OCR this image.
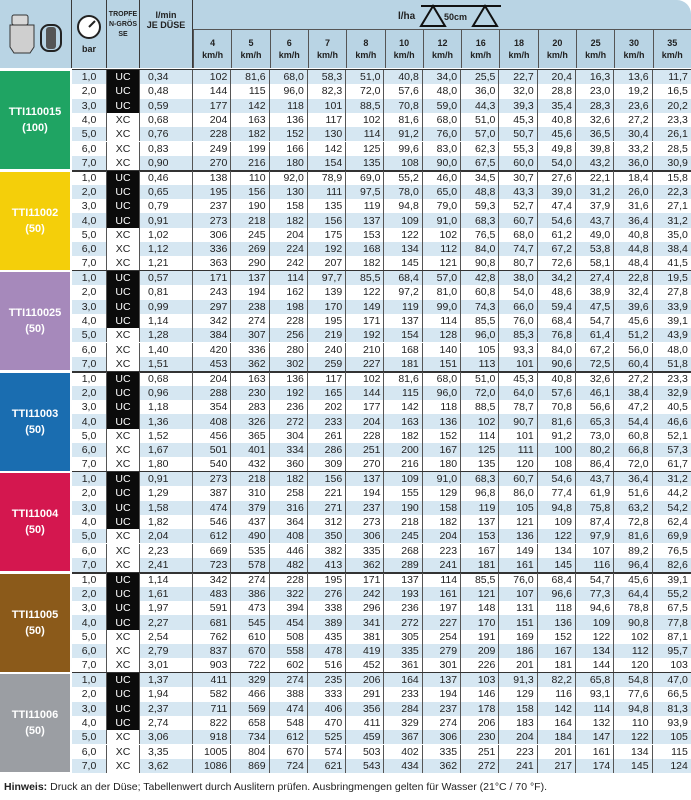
bar
TROPFEN-GRÖSSE
l/min
JE DÜSE
l/ha	50cm
4
km/h
5
km/h
6
km/h
7
km/h
8
km/h
10
km/h
12
km/h
16
km/h
18
km/h
20
km/h
25
km/h
30
km/h
35
km/h
TTI110015
(100)
1,0	UC	0,34	102	81,6	68,0	58,3	51,0	40,8	34,0	25,5	22,7	20,4	16,3	13,6	11,7
2,0	UC	0,48	144	115	96,0	82,3	72,0	57,6	48,0	36,0	32,0	28,8	23,0	19,2	16,5
3,0	UC	0,59	177	142	118	101	88,5	70,8	59,0	44,3	39,3	35,4	28,3	23,6	20,2
4,0	XC	0,68	204	163	136	117	102	81,6	68,0	51,0	45,3	40,8	32,6	27,2	23,3
5,0	XC	0,76	228	182	152	130	114	91,2	76,0	57,0	50,7	45,6	36,5	30,4	26,1
6,0	XC	0,83	249	199	166	142	125	99,6	83,0	62,3	55,3	49,8	39,8	33,2	28,5
7,0	XC	0,90	270	216	180	154	135	108	90,0	67,5	60,0	54,0	43,2	36,0	30,9
TTI11002
(50)
1,0	UC	0,46	138	110	92,0	78,9	69,0	55,2	46,0	34,5	30,7	27,6	22,1	18,4	15,8
2,0	UC	0,65	195	156	130	111	97,5	78,0	65,0	48,8	43,3	39,0	31,2	26,0	22,3
3,0	UC	0,79	237	190	158	135	119	94,8	79,0	59,3	52,7	47,4	37,9	31,6	27,1
4,0	UC	0,91	273	218	182	156	137	109	91,0	68,3	60,7	54,6	43,7	36,4	31,2
5,0	XC	1,02	306	245	204	175	153	122	102	76,5	68,0	61,2	49,0	40,8	35,0
6,0	XC	1,12	336	269	224	192	168	134	112	84,0	74,7	67,2	53,8	44,8	38,4
7,0	XC	1,21	363	290	242	207	182	145	121	90,8	80,7	72,6	58,1	48,4	41,5
TTI110025
(50)
1,0	UC	0,57	171	137	114	97,7	85,5	68,4	57,0	42,8	38,0	34,2	27,4	22,8	19,5
2,0	UC	0,81	243	194	162	139	122	97,2	81,0	60,8	54,0	48,6	38,9	32,4	27,8
3,0	UC	0,99	297	238	198	170	149	119	99,0	74,3	66,0	59,4	47,5	39,6	33,9
4,0	UC	1,14	342	274	228	195	171	137	114	85,5	76,0	68,4	54,7	45,6	39,1
5,0	XC	1,28	384	307	256	219	192	154	128	96,0	85,3	76,8	61,4	51,2	43,9
6,0	XC	1,40	420	336	280	240	210	168	140	105	93,3	84,0	67,2	56,0	48,0
7,0	XC	1,51	453	362	302	259	227	181	151	113	101	90,6	72,5	60,4	51,8
TTI11003
(50)
1,0	UC	0,68	204	163	136	117	102	81,6	68,0	51,0	45,3	40,8	32,6	27,2	23,3
2,0	UC	0,96	288	230	192	165	144	115	96,0	72,0	64,0	57,6	46,1	38,4	32,9
3,0	UC	1,18	354	283	236	202	177	142	118	88,5	78,7	70,8	56,6	47,2	40,5
4,0	UC	1,36	408	326	272	233	204	163	136	102	90,7	81,6	65,3	54,4	46,6
5,0	XC	1,52	456	365	304	261	228	182	152	114	101	91,2	73,0	60,8	52,1
6,0	XC	1,67	501	401	334	286	251	200	167	125	111	100	80,2	66,8	57,3
7,0	XC	1,80	540	432	360	309	270	216	180	135	120	108	86,4	72,0	61,7
TTI11004
(50)
1,0	UC	0,91	273	218	182	156	137	109	91,0	68,3	60,7	54,6	43,7	36,4	31,2
2,0	UC	1,29	387	310	258	221	194	155	129	96,8	86,0	77,4	61,9	51,6	44,2
3,0	UC	1,58	474	379	316	271	237	190	158	119	105	94,8	75,8	63,2	54,2
4,0	UC	1,82	546	437	364	312	273	218	182	137	121	109	87,4	72,8	62,4
5,0	XC	2,04	612	490	408	350	306	245	204	153	136	122	97,9	81,6	69,9
6,0	XC	2,23	669	535	446	382	335	268	223	167	149	134	107	89,2	76,5
7,0	XC	2,41	723	578	482	413	362	289	241	181	161	145	116	96,4	82,6
TTI11005
(50)
1,0	UC	1,14	342	274	228	195	171	137	114	85,5	76,0	68,4	54,7	45,6	39,1
2,0	UC	1,61	483	386	322	276	242	193	161	121	107	96,6	77,3	64,4	55,2
3,0	UC	1,97	591	473	394	338	296	236	197	148	131	118	94,6	78,8	67,5
4,0	UC	2,27	681	545	454	389	341	272	227	170	151	136	109	90,8	77,8
5,0	XC	2,54	762	610	508	435	381	305	254	191	169	152	122	102	87,1
6,0	XC	2,79	837	670	558	478	419	335	279	209	186	167	134	112	95,7
7,0	XC	3,01	903	722	602	516	452	361	301	226	201	181	144	120	103
TTI11006
(50)
1,0	UC	1,37	411	329	274	235	206	164	137	103	91,3	82,2	65,8	54,8	47,0
2,0	UC	1,94	582	466	388	333	291	233	194	146	129	116	93,1	77,6	66,5
3,0	UC	2,37	711	569	474	406	356	284	237	178	158	142	114	94,8	81,3
4,0	UC	2,74	822	658	548	470	411	329	274	206	183	164	132	110	93,9
5,0	XC	3,06	918	734	612	525	459	367	306	230	204	184	147	122	105
6,0	XC	3,35	1005	804	670	574	503	402	335	251	223	201	161	134	115
7,0	XC	3,62	1086	869	724	621	543	434	362	272	241	217	174	145	124
Hinweis: Druck an der Düse; Tabellenwert durch Auslitern prüfen. Ausbringmengen gelten für Wasser (21°C / 70 °F).
